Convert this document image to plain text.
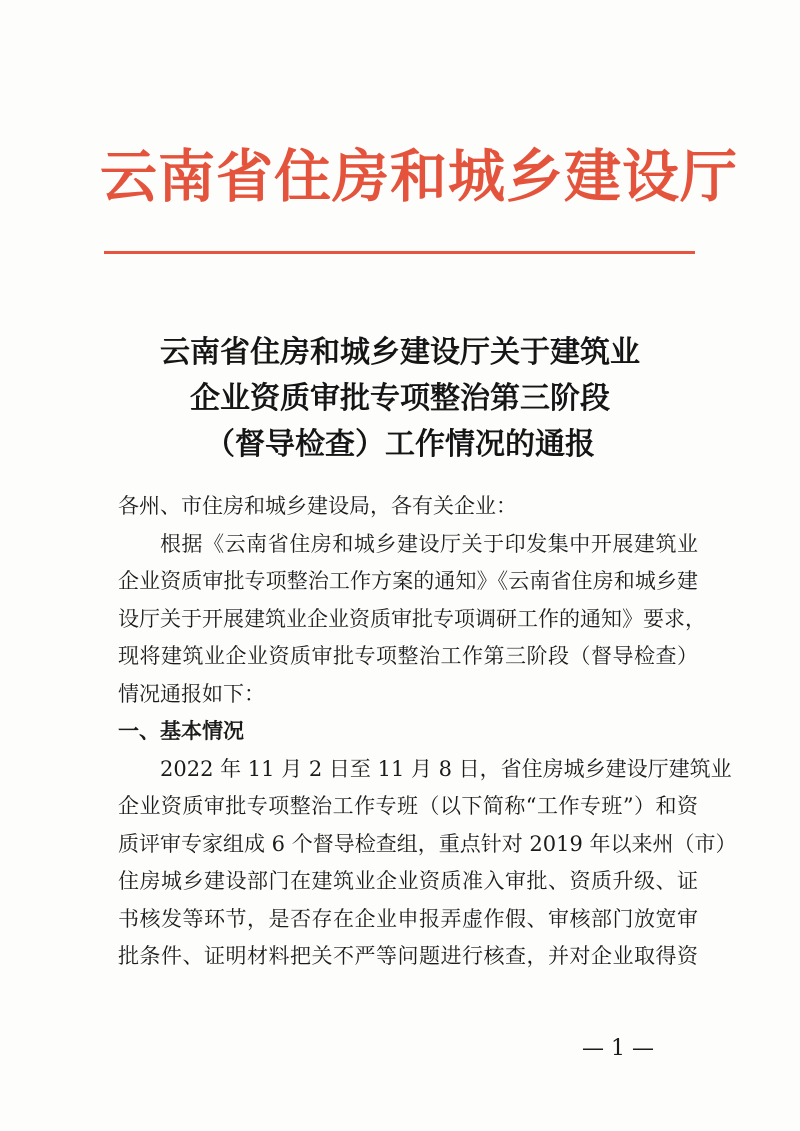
云南省住房和城乡建设厅
云南省住房和城乡建设厅关于建筑业
企业资质审批专项整治第三阶段
（督导检查）工作情况的通报
各州、市住房和城乡建设局，各有关企业：
根据《云南省住房和城乡建设厅关于印发集中开展建筑业
企业资质审批专项整治工作方案的通知》《云南省住房和城乡建
设厅关于开展建筑业企业资质审批专项调研工作的通知》要求，
现将建筑业企业资质审批专项整治工作第三阶段（督导检查）
情况通报如下：
一、基本情况
2022 年 11 月 2 日至 11 月 8 日，省住房城乡建设厅建筑业
企业资质审批专项整治工作专班（以下简称“工作专班”）和资
质评审专家组成 6 个督导检查组，重点针对 2019 年以来州（市）
住房城乡建设部门在建筑业企业资质准入审批、资质升级、证
书核发等环节，是否存在企业申报弄虚作假、审核部门放宽审
批条件、证明材料把关不严等问题进行核查，并对企业取得资
— 1 —
